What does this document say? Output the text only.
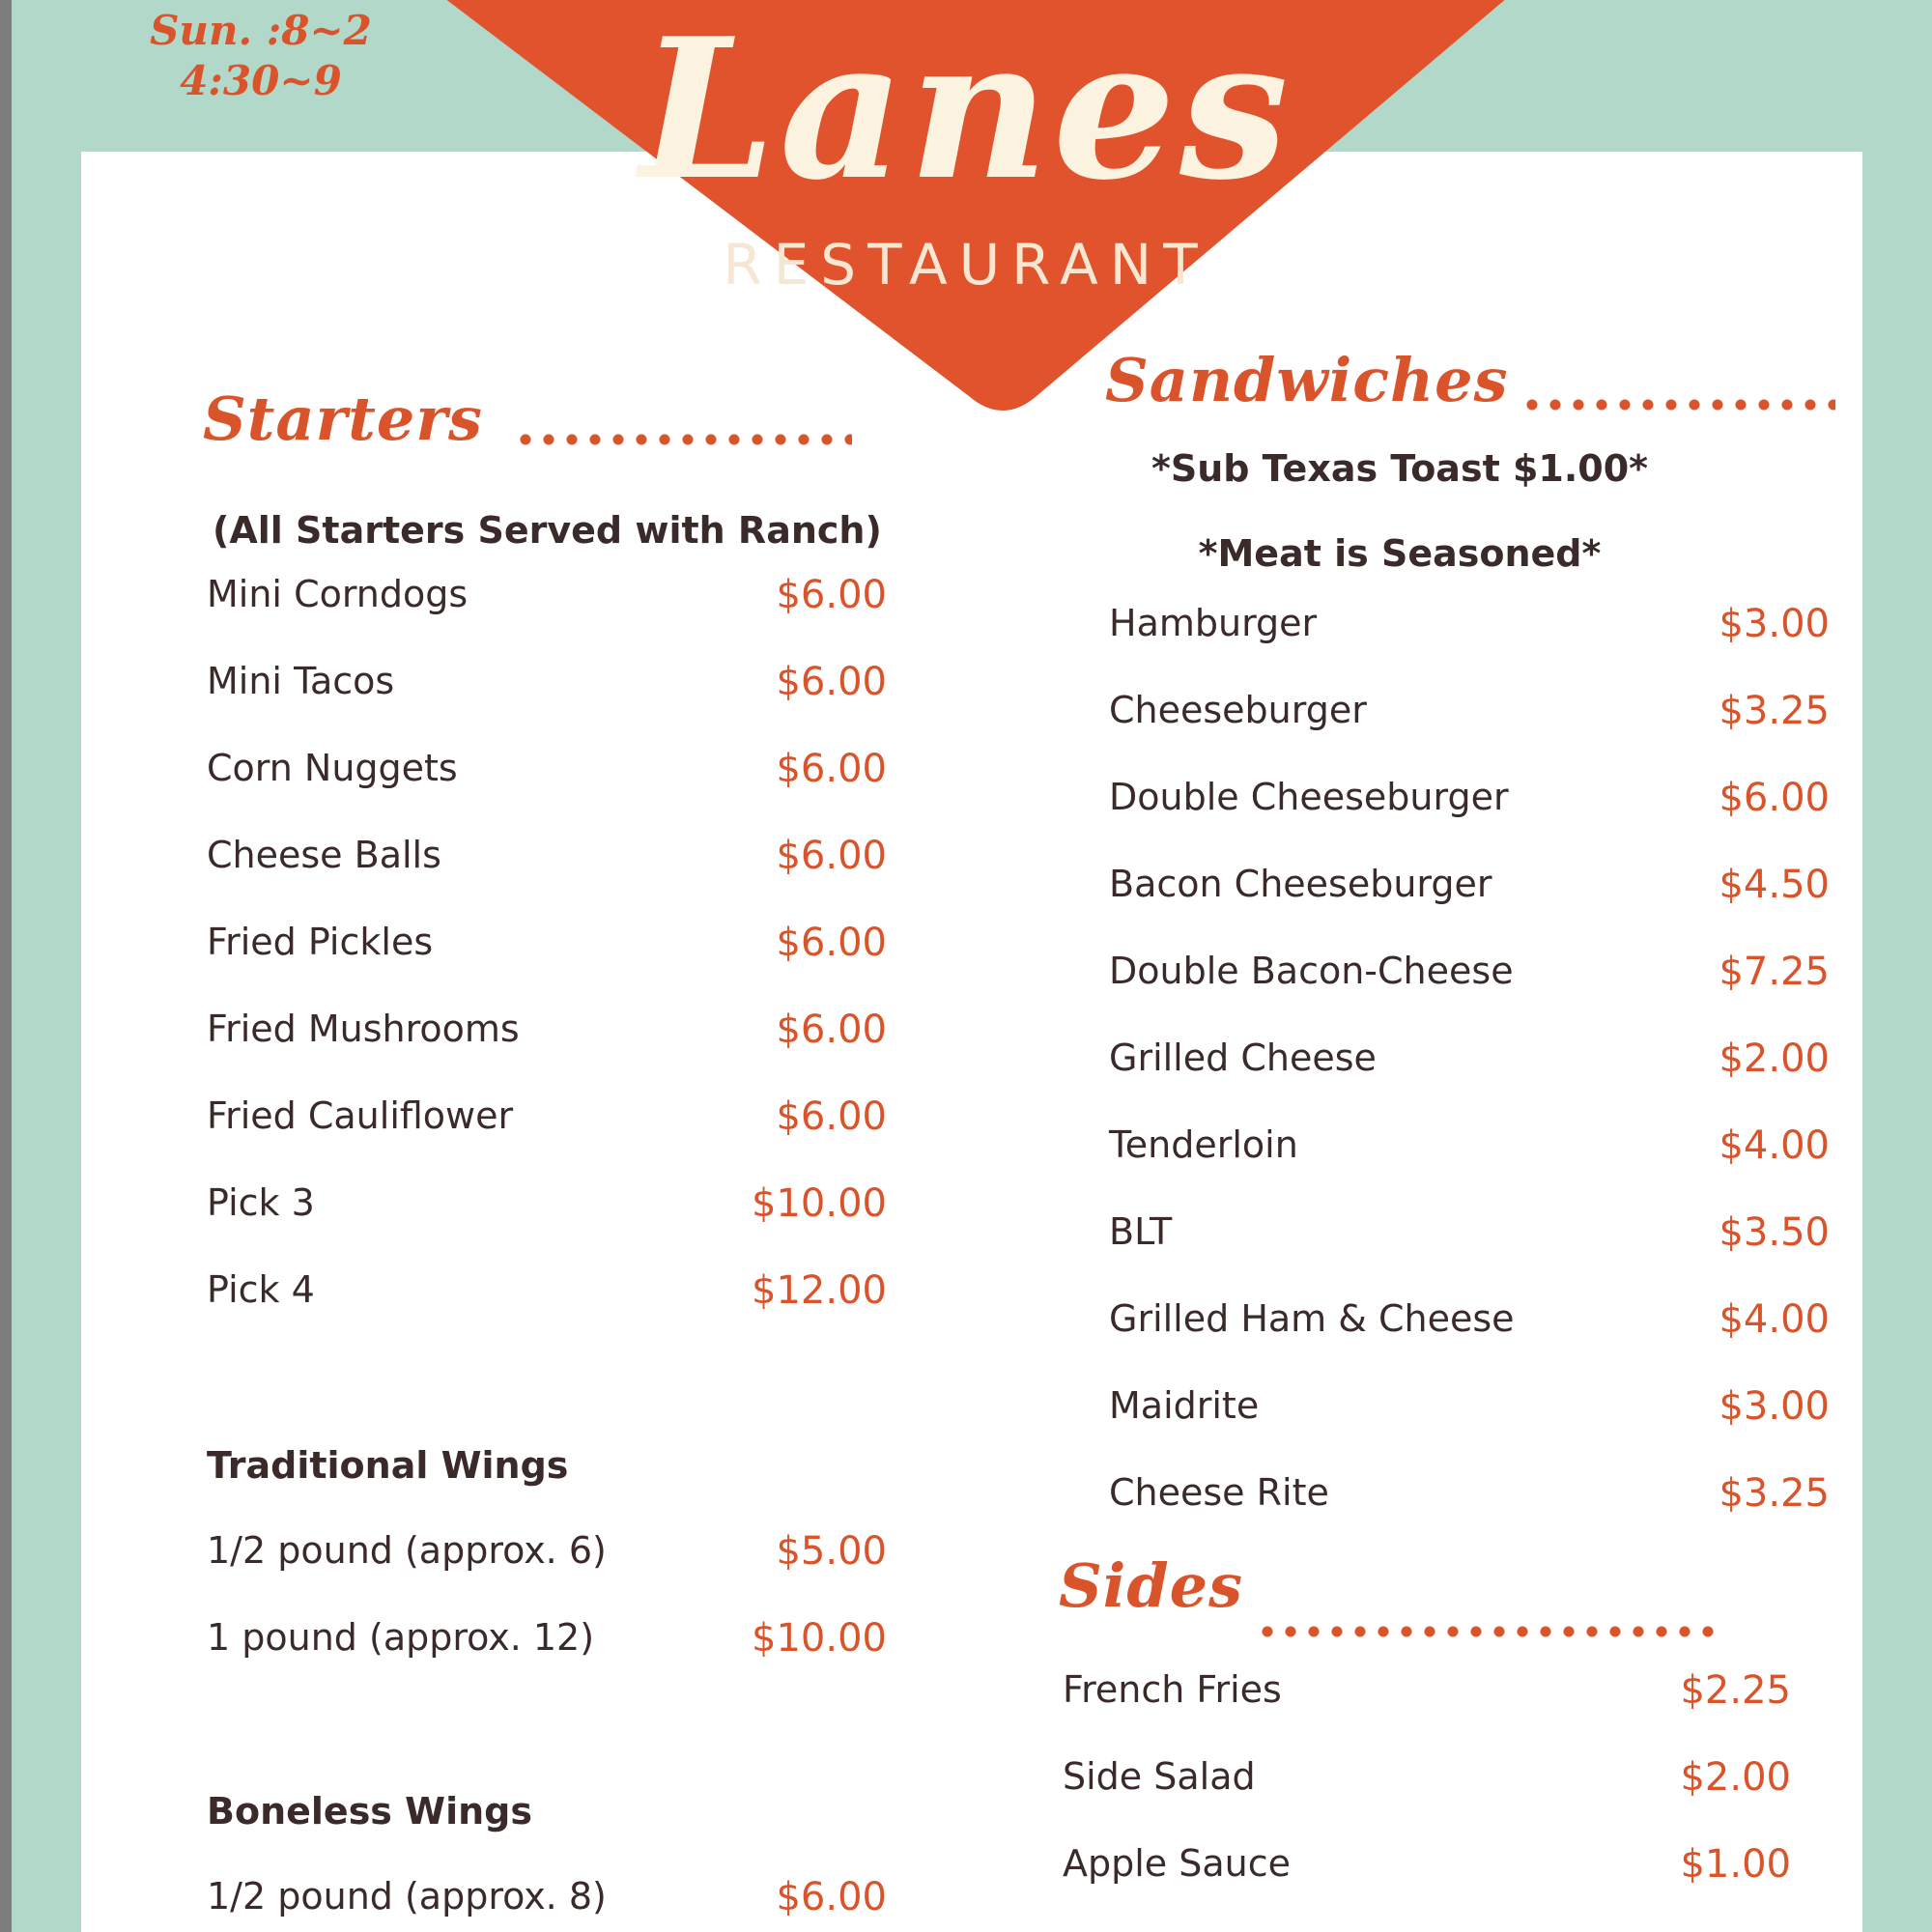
Sun. :8~2
4:30~9
Starters
(All Starters Served with Ranch)
Mini Corndogs	$6.00
Mini Tacos	$6.00
Corn Nuggets	$6.00
Cheese Balls	$6.00
Fried Pickles	$6.00
Fried Mushrooms	$6.00
Fried Cauliflower	$6.00
Pick 3	$10.00
Pick 4	$12.00
Traditional Wings
1/2 pound (approx. 6)	$5.00
1 pound (approx. 12)	$10.00
Boneless Wings
1/2 pound (approx. 8)	$6.00
Sandwiches
*Sub Texas Toast $1.00*
*Meat is Seasoned*
Hamburger	$3.00
Cheeseburger	$3.25
Double Cheeseburger	$6.00
Bacon Cheeseburger	$4.50
Double Bacon-Cheese	$7.25
Grilled Cheese	$2.00
Tenderloin	$4.00
BLT	$3.50
Grilled Ham & Cheese	$4.00
Maidrite	$3.00
Cheese Rite	$3.25
Sides
French Fries	$2.25
Side Salad	$2.00
Apple Sauce	$1.00
Lanes
RESTAURANT
